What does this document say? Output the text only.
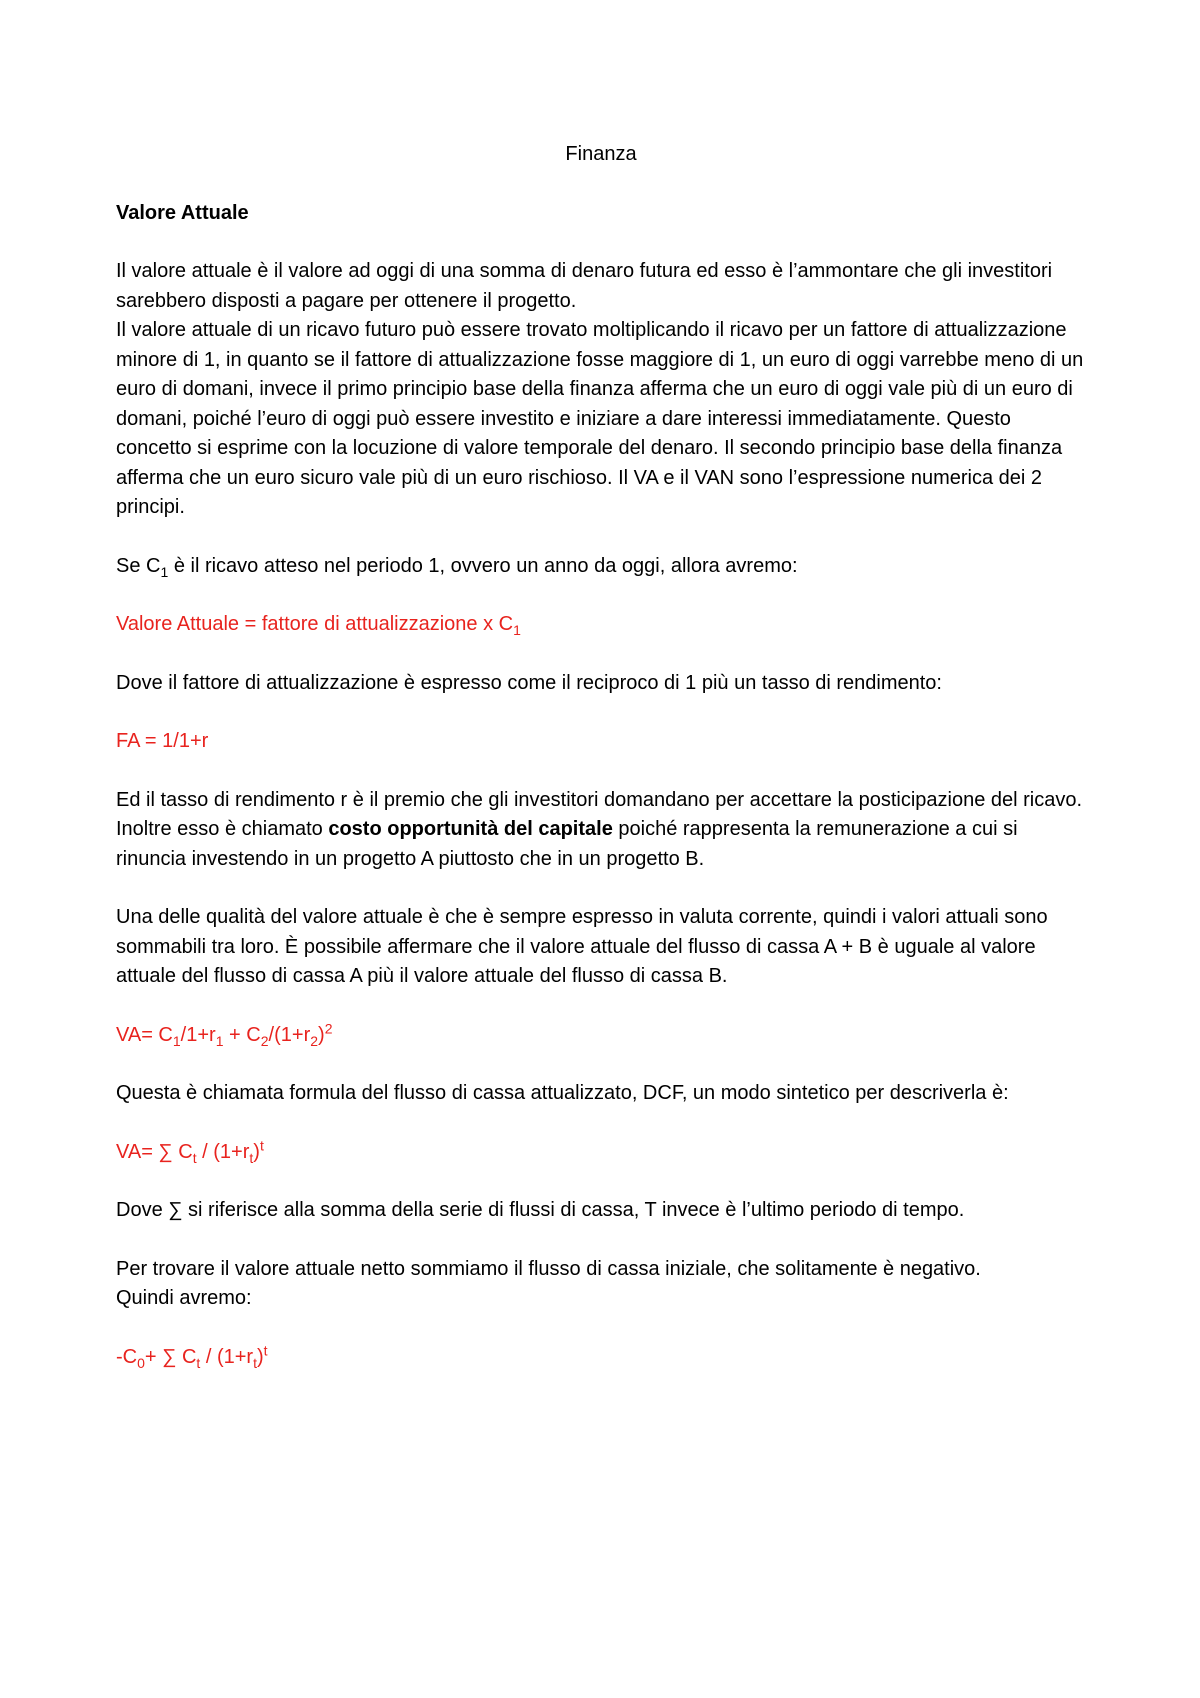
Finanza
Valore Attuale

Il valore attuale è il valore ad oggi di una somma di denaro futura ed esso è l’ammontare che gli investitori sarebbero disposti a pagare per ottenere il progetto.

Il valore attuale di un ricavo futuro può essere trovato moltiplicando il ricavo per un fattore di attualizzazione minore di 1, in quanto se il fattore di attualizzazione fosse maggiore di 1, un euro di oggi varrebbe meno di un euro di domani, invece il primo principio base della finanza afferma che un euro di oggi vale più di un euro di domani, poiché l’euro di oggi può essere investito e iniziare a dare interessi immediatamente. Questo concetto si esprime con la locuzione di valore temporale del denaro. Il secondo principio base della finanza afferma che un euro sicuro vale più di un euro rischioso. Il VA e il VAN sono l’espressione numerica dei 2 principi.

Se $C_1$ è il ricavo atteso nel periodo 1, ovvero un anno da oggi, allora avremo:

Valore Attuale = fattore di attualizzazione x $C_1$

Dove il fattore di attualizzazione è espresso come il reciproco di 1 più un tasso di rendimento:

FA = 1/1+r

Ed il tasso di rendimento r è il premio che gli investitori domandano per accettare la posticipazione del ricavo. Inoltre esso è chiamato costo opportunità del capitale poiché rappresenta la remunerazione a cui si rinuncia investendo in un progetto A piuttosto che in un progetto B.

Una delle qualità del valore attuale è che è sempre espresso in valuta corrente, quindi i valori attuali sono sommabili tra loro. È possibile affermare che il valore attuale del flusso di cassa A + B è uguale al valore attuale del flusso di cassa A più il valore attuale del flusso di cassa B.

$VA= C_1/1+r_1 + C_2/(1+r_2)^2$

Questa è chiamata formula del flusso di cassa attualizzato, DCF, un modo sintetico per descriverla è:

VA= ∑ $C_t / (1+r_t)^t$

Dove ∑ si riferisce alla somma della serie di flussi di cassa, T invece è l’ultimo periodo di tempo.

Per trovare il valore attuale netto sommiamo il flusso di cassa iniziale, che solitamente è negativo.

Quindi avremo:

$-C_0+$ ∑ $C_t / (1+r_t)^t$
